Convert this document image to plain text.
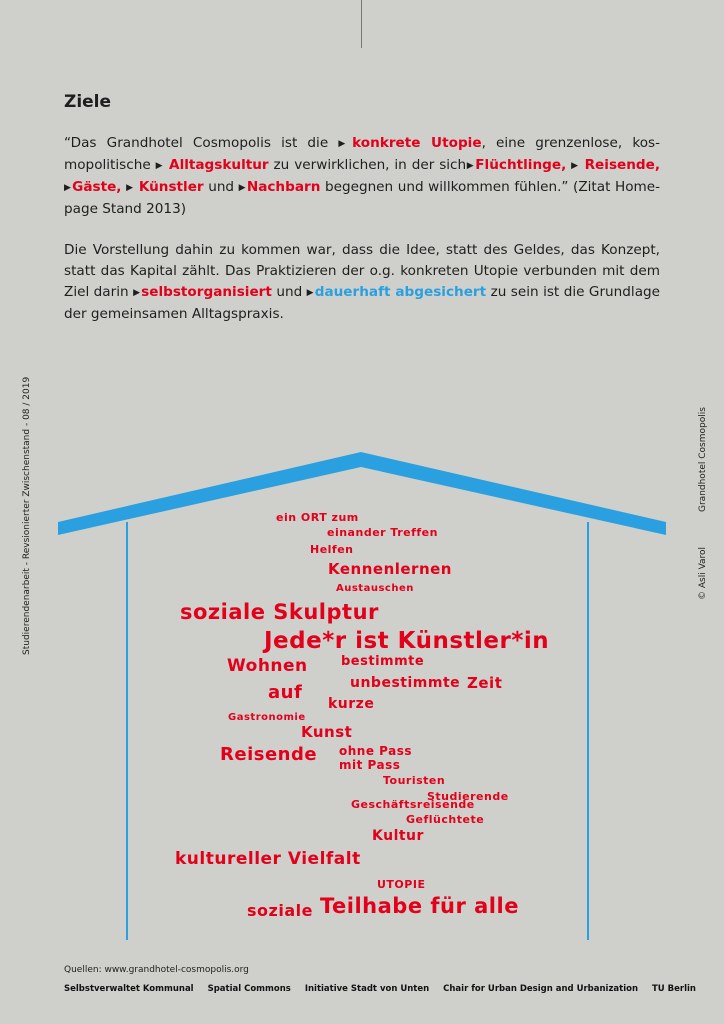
Ziele
“Das Grandhotel Cosmopolis ist die ▶konkrete Utopie, eine grenzenlose, kos-mopolitische ▶ Alltagskultur zu verwirklichen, in der sich▶Flüchtlinge, ▶ Reisende, ▶Gäste, ▶ Künstler und ▶Nachbarn begegnen und willkommen fühlen.” (Zitat Home-page Stand 2013)
Die Vorstellung dahin zu kommen war, dass die Idee, statt des Geldes, das Konzept, statt das Kapital zählt. Das Praktizieren der o.g. konkreten Utopie verbunden mit dem Ziel darin ▶selbstorganisiert und ▶dauerhaft abgesichert zu sein ist die Grundlage der gemeinsamen Alltagspraxis.
Studierendenarbeit - Revsionierter Zwischenstand - 08 / 2019	© Asli Varol
Grandhotel Cosmopolis
ein ORT zum
einander Treffen
Helfen
Kennenlernen
Austauschen
soziale Skulptur
Jede*r ist Künstler*in
Wohnen	bestimmte
unbestimmte Zeit
auf
kurze
Gastronomie
Kunst
Reisende ohne Pass
mit Pass
Touristen
Studierende
Geschäftsreisende
Geflüchtete
Kultur
kultureller Vielfalt
UTOPIE
soziale Teilhabe für alle
Quellen: www.grandhotel-cosmopolis.org
Selbstverwaltet Kommunal Spatial Commons Initiative Stadt von Unten Chair for Urban Design and Urbanization TU Berlin
